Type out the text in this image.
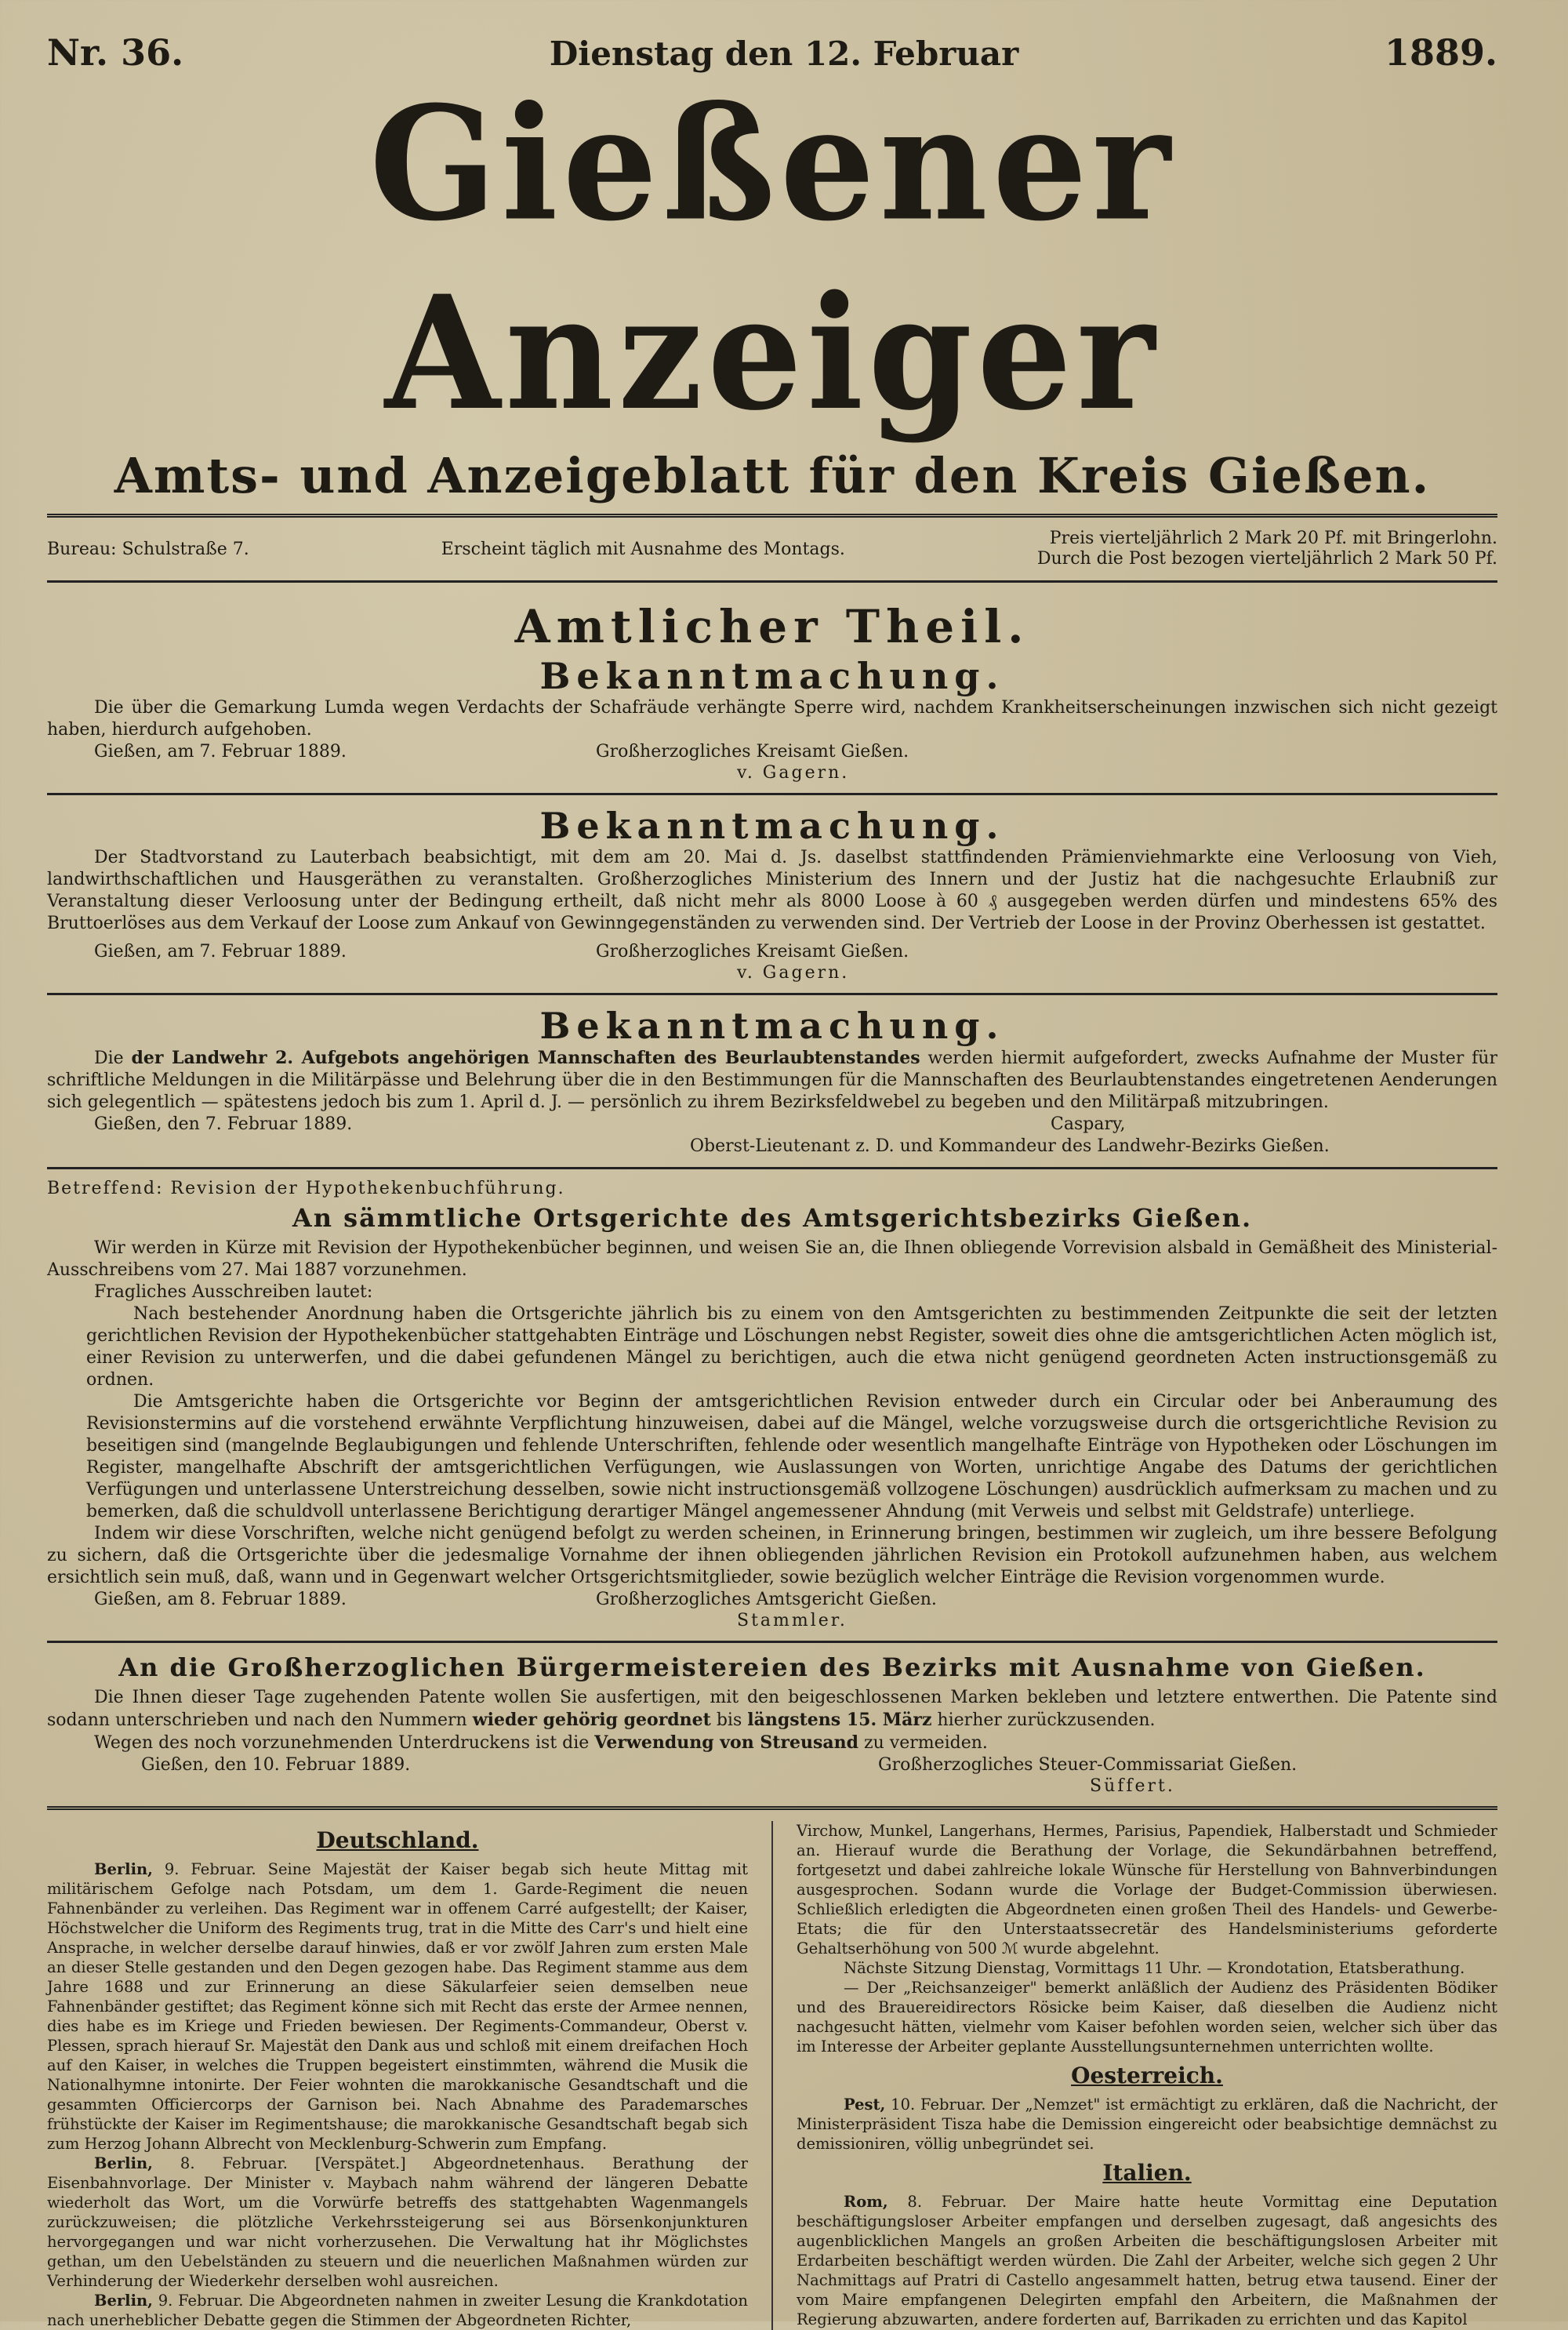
Nr. 36.	Dienstag den 12. Februar	1889.
Gießener Anzeiger
Amts- und Anzeigeblatt für den Kreis Gießen.
Bureau: Schulstraße 7.	Erscheint täglich mit Ausnahme des Montags.
Preis vierteljährlich 2 Mark 20 Pf. mit Bringerlohn.
Durch die Post bezogen vierteljährlich 2 Mark 50 Pf.
Amtlicher Theil.
Bekanntmachung.

Die über die Gemarkung Lumda wegen Verdachts der Schafräude verhängte Sperre wird, nachdem Krankheitserscheinungen inzwischen sich nicht gezeigt haben, hierdurch aufgehoben.

Gießen, am 7. Februar 1889.	Großherzogliches Kreisamt Gießen.
v. Gagern.
Bekanntmachung.

Der Stadtvorstand zu Lauterbach beabsichtigt, mit dem am 20. Mai d. Js. daselbst stattfindenden Prämienviehmarkte eine Verloosung von Vieh, landwirthschaftlichen und Hausgeräthen zu veranstalten. Großherzogliches Ministerium des Innern und der Justiz hat die nachgesuchte Erlaubniß zur Veranstaltung dieser Verloosung unter der Bedingung ertheilt, daß nicht mehr als 8000 Loose à 60 ₰ ausgegeben werden dürfen und mindestens 65% des Bruttoerlöses aus dem Verkauf der Loose zum Ankauf von Gewinngegenständen zu verwenden sind. Der Vertrieb der Loose in der Provinz Oberhessen ist gestattet.

Gießen, am 7. Februar 1889.	Großherzogliches Kreisamt Gießen.
v. Gagern.
Bekanntmachung.

Die der Landwehr 2. Aufgebots angehörigen Mannschaften des Beurlaubtenstandes werden hiermit aufgefordert, zwecks Aufnahme der Muster für schriftliche Meldungen in die Militärpässe und Belehrung über die in den Bestimmungen für die Mannschaften des Beurlaubtenstandes eingetretenen Aenderungen sich gelegentlich — spätestens jedoch bis zum 1. April d. J. — persönlich zu ihrem Bezirksfeldwebel zu begeben und den Militärpaß mitzubringen.

Gießen, den 7. Februar 1889.	Caspary,
Oberst-Lieutenant z. D. und Kommandeur des Landwehr-Bezirks Gießen.
Betreffend: Revision der Hypothekenbuchführung.
An sämmtliche Ortsgerichte des Amtsgerichtsbezirks Gießen.

Wir werden in Kürze mit Revision der Hypothekenbücher beginnen, und weisen Sie an, die Ihnen obliegende Vorrevision alsbald in Gemäßheit des Ministerial-Ausschreibens vom 27. Mai 1887 vorzunehmen.

Fragliches Ausschreiben lautet:

Nach bestehender Anordnung haben die Ortsgerichte jährlich bis zu einem von den Amtsgerichten zu bestimmenden Zeitpunkte die seit der letzten gerichtlichen Revision der Hypothekenbücher stattgehabten Einträge und Löschungen nebst Register, soweit dies ohne die amtsgerichtlichen Acten möglich ist, einer Revision zu unterwerfen, und die dabei gefundenen Mängel zu berichtigen, auch die etwa nicht genügend geordneten Acten instructionsgemäß zu ordnen.

Die Amtsgerichte haben die Ortsgerichte vor Beginn der amtsgerichtlichen Revision entweder durch ein Circular oder bei Anberaumung des Revisionstermins auf die vorstehend erwähnte Verpflichtung hinzuweisen, dabei auf die Mängel, welche vorzugsweise durch die ortsgerichtliche Revision zu beseitigen sind (mangelnde Beglaubigungen und fehlende Unterschriften, fehlende oder wesentlich mangelhafte Einträge von Hypotheken oder Löschungen im Register, mangelhafte Abschrift der amtsgerichtlichen Verfügungen, wie Auslassungen von Worten, unrichtige Angabe des Datums der gerichtlichen Verfügungen und unterlassene Unterstreichung desselben, sowie nicht instructionsgemäß vollzogene Löschungen) ausdrücklich aufmerksam zu machen und zu bemerken, daß die schuldvoll unterlassene Berichtigung derartiger Mängel angemessener Ahndung (mit Verweis und selbst mit Geldstrafe) unterliege.

Indem wir diese Vorschriften, welche nicht genügend befolgt zu werden scheinen, in Erinnerung bringen, bestimmen wir zugleich, um ihre bessere Befolgung zu sichern, daß die Ortsgerichte über die jedesmalige Vornahme der ihnen obliegenden jährlichen Revision ein Protokoll aufzunehmen haben, aus welchem ersichtlich sein muß, daß, wann und in Gegenwart welcher Ortsgerichtsmitglieder, sowie bezüglich welcher Einträge die Revision vorgenommen wurde.

Gießen, am 8. Februar 1889.	Großherzogliches Amtsgericht Gießen.
Stammler.
An die Großherzoglichen Bürgermeistereien des Bezirks mit Ausnahme von Gießen.

Die Ihnen dieser Tage zugehenden Patente wollen Sie ausfertigen, mit den beigeschlossenen Marken bekleben und letztere entwerthen. Die Patente sind sodann unterschrieben und nach den Nummern wieder gehörig geordnet bis längstens 15. März hierher zurückzusenden.

Wegen des noch vorzunehmenden Unterdruckens ist die Verwendung von Streusand zu vermeiden.

Gießen, den 10. Februar 1889.	Großherzogliches Steuer-Commissariat Gießen.
Süffert.
Deutschland.

Berlin, 9. Februar. Seine Majestät der Kaiser begab sich heute Mittag mit militärischem Gefolge nach Potsdam, um dem 1. Garde-Regiment die neuen Fahnenbänder zu verleihen. Das Regiment war in offenem Carré aufgestellt; der Kaiser, Höchstwelcher die Uniform des Regiments trug, trat in die Mitte des Carr's und hielt eine Ansprache, in welcher derselbe darauf hinwies, daß er vor zwölf Jahren zum ersten Male an dieser Stelle gestanden und den Degen gezogen habe. Das Regiment stamme aus dem Jahre 1688 und zur Erinnerung an diese Säkularfeier seien demselben neue Fahnenbänder gestiftet; das Regiment könne sich mit Recht das erste der Armee nennen, dies habe es im Kriege und Frieden bewiesen. Der Regiments-Commandeur, Oberst v. Plessen, sprach hierauf Sr. Majestät den Dank aus und schloß mit einem dreifachen Hoch auf den Kaiser, in welches die Truppen begeistert einstimmten, während die Musik die Nationalhymne intonirte. Der Feier wohnten die marokkanische Gesandtschaft und die gesammten Officiercorps der Garnison bei. Nach Abnahme des Parademarsches frühstückte der Kaiser im Regimentshause; die marokkanische Gesandtschaft begab sich zum Herzog Johann Albrecht von Mecklenburg-Schwerin zum Empfang.

Berlin, 8. Februar. [Verspätet.] Abgeordnetenhaus. Berathung der Eisenbahnvorlage. Der Minister v. Maybach nahm während der längeren Debatte wiederholt das Wort, um die Vorwürfe betreffs des stattgehabten Wagenmangels zurückzuweisen; die plötzliche Verkehrssteigerung sei aus Börsenkonjunkturen hervorgegangen und war nicht vorherzusehen. Die Verwaltung hat ihr Möglichstes gethan, um den Uebelständen zu steuern und die neuerlichen Maßnahmen würden zur Verhinderung der Wiederkehr derselben wohl ausreichen.

Berlin, 9. Februar. Die Abgeordneten nahmen in zweiter Lesung die Krankdotation nach unerheblicher Debatte gegen die Stimmen der Abgeordneten Richter,

Virchow, Munkel, Langerhans, Hermes, Parisius, Papendiek, Halberstadt und Schmieder an. Hierauf wurde die Berathung der Vorlage, die Sekundärbahnen betreffend, fortgesetzt und dabei zahlreiche lokale Wünsche für Herstellung von Bahnverbindungen ausgesprochen. Sodann wurde die Vorlage der Budget-Commission überwiesen. Schließlich erledigten die Abgeordneten einen großen Theil des Handels- und Gewerbe-Etats; die für den Unterstaatssecretär des Handelsministeriums geforderte Gehaltserhöhung von 500 ℳ wurde abgelehnt.

Nächste Sitzung Dienstag, Vormittags 11 Uhr. — Krondotation, Etatsberathung.

— Der „Reichsanzeiger" bemerkt anläßlich der Audienz des Präsidenten Bödiker und des Brauereidirectors Rösicke beim Kaiser, daß dieselben die Audienz nicht nachgesucht hätten, vielmehr vom Kaiser befohlen worden seien, welcher sich über das im Interesse der Arbeiter geplante Ausstellungsunternehmen unterrichten wollte.

Oesterreich.

Pest, 10. Februar. Der „Nemzet" ist ermächtigt zu erklären, daß die Nachricht, der Ministerpräsident Tisza habe die Demission eingereicht oder beabsichtige demnächst zu demissioniren, völlig unbegründet sei.

Italien.

Rom, 8. Februar. Der Maire hatte heute Vormittag eine Deputation beschäftigungsloser Arbeiter empfangen und derselben zugesagt, daß angesichts des augenblicklichen Mangels an großen Arbeiten die beschäftigungslosen Arbeiter mit Erdarbeiten beschäftigt werden würden. Die Zahl der Arbeiter, welche sich gegen 2 Uhr Nachmittags auf Pratri di Castello angesammelt hatten, betrug etwa tausend. Einer der vom Maire empfangenen Delegirten empfahl den Arbeitern, die Maßnahmen der Regierung abzuwarten, andere forderten auf, Barrikaden zu errichten und das Kapitol
